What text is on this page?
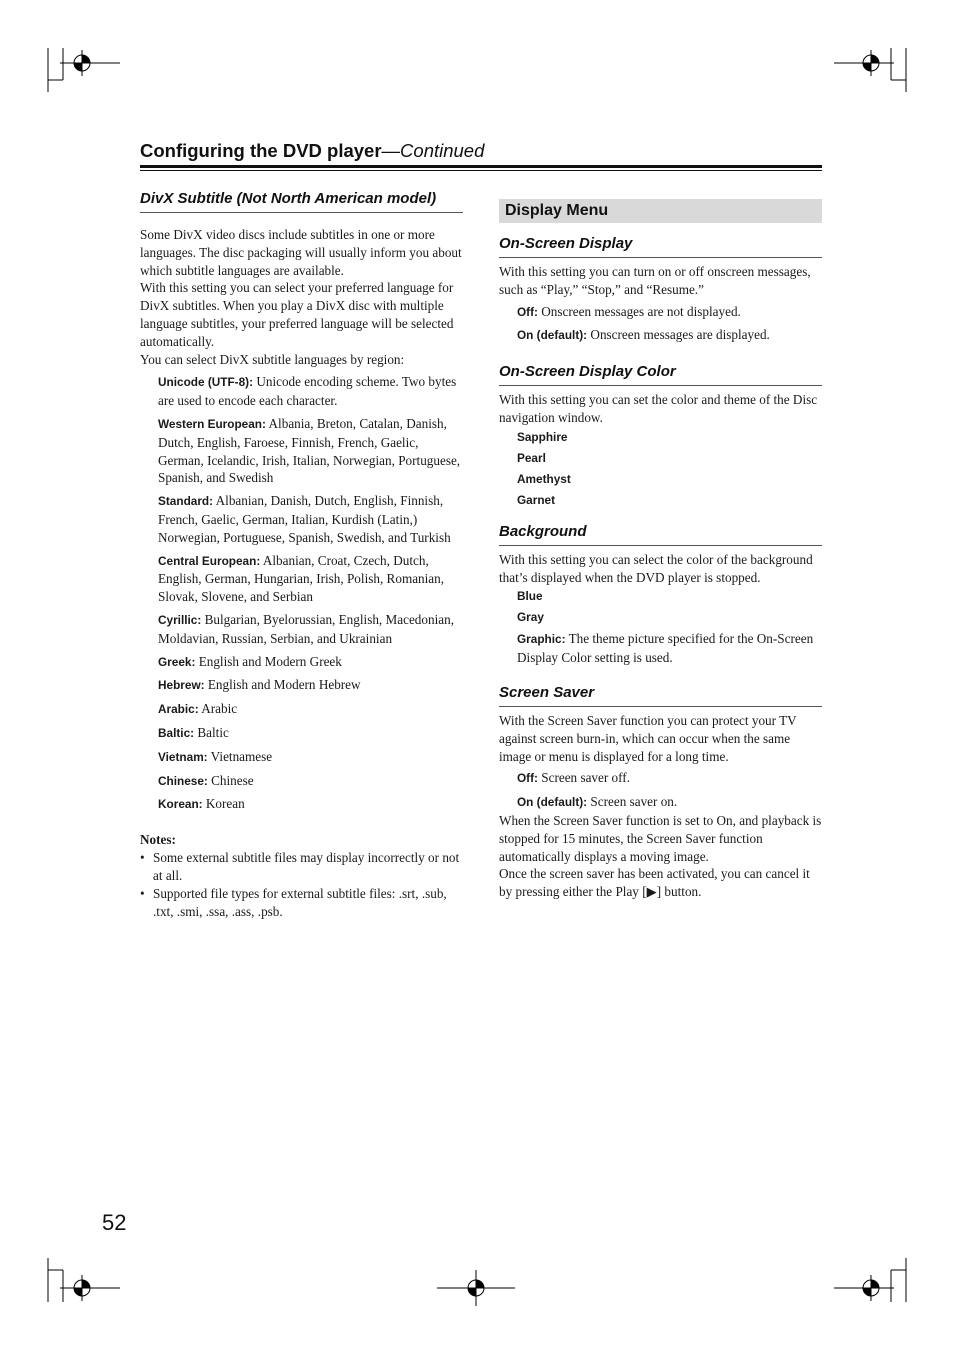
Configuring the DVD player—Continued
DivX Subtitle (Not North American model)

Some DivX video discs include subtitles in one or more languages. The disc packaging will usually inform you about which subtitle languages are available.

With this setting you can select your preferred language for DivX subtitles. When you play a DivX disc with multiple language subtitles, your preferred language will be selected automatically.

You can select DivX subtitle languages by region:

Unicode (UTF-8): Unicode encoding scheme. Two bytes are used to encode each character.
Western European: Albania, Breton, Catalan, Danish, Dutch, English, Faroese, Finnish, French, Gaelic, German, Icelandic, Irish, Italian, Norwegian, Portuguese, Spanish, and Swedish
Standard: Albanian, Danish, Dutch, English, Finnish, French, Gaelic, German, Italian, Kurdish (Latin,) Norwegian, Portuguese, Spanish, Swedish, and Turkish
Central European: Albanian, Croat, Czech, Dutch, English, German, Hungarian, Irish, Polish, Romanian, Slovak, Slovene, and Serbian
Cyrillic: Bulgarian, Byelorussian, English, Macedonian, Moldavian, Russian, Serbian, and Ukrainian
Greek: English and Modern Greek
Hebrew: English and Modern Hebrew
Arabic: Arabic
Baltic: Baltic
Vietnam: Vietnamese
Chinese: Chinese
Korean: Korean
Notes:
• Some external subtitle files may display incorrectly or not at all.
• Supported file types for external subtitle files: .srt, .sub, .txt, .smi, .ssa, .ass, .psb.
Display Menu
On-Screen Display

With this setting you can turn on or off onscreen messages, such as “Play,” “Stop,” and “Resume.”

Off: Onscreen messages are not displayed.
On (default): Onscreen messages are displayed.
On-Screen Display Color

With this setting you can set the color and theme of the Disc navigation window.

Sapphire
Pearl
Amethyst
Garnet
Background

With this setting you can select the color of the background that’s displayed when the DVD player is stopped.

Blue
Gray
Graphic: The theme picture specified for the On-Screen Display Color setting is used.
Screen Saver

With the Screen Saver function you can protect your TV against screen burn-in, which can occur when the same image or menu is displayed for a long time.

Off: Screen saver off.
On (default): Screen saver on.

When the Screen Saver function is set to On, and playback is stopped for 15 minutes, the Screen Saver function automatically displays a moving image.

Once the screen saver has been activated, you can cancel it by pressing either the Play [▶] button.

52
